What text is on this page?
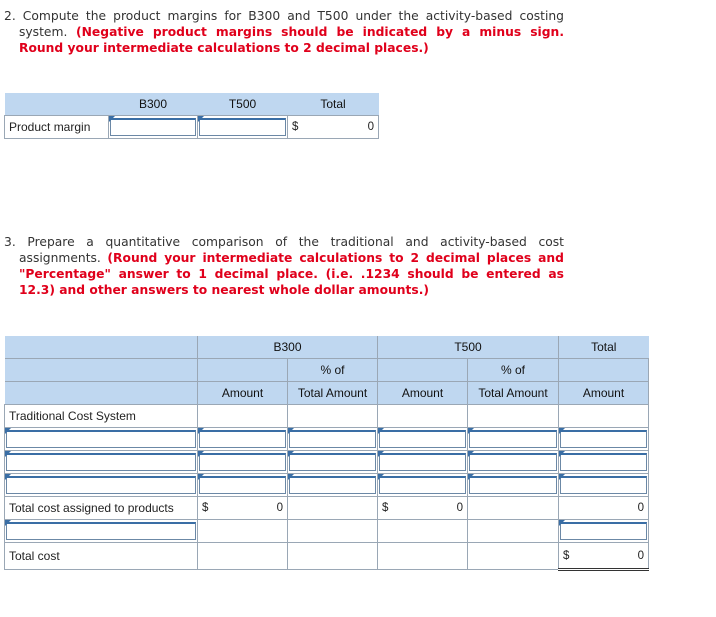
2. Compute the product margins for B300 and T500 under the activity-based costing system. (Negative product margins should be indicated by a minus sign. Round your intermediate calculations to 2 decimal places.)
	B300	T500	Total
Product margin			$ 0
3. Prepare a quantitative comparison of the traditional and activity-based cost assignments. (Round your intermediate calculations to 2 decimal places and "Percentage" answer to 1 decimal place. (i.e. .1234 should be entered as 12.3) and other answers to nearest whole dollar amounts.)
	B300		T500		Total
		% of		% of	
	Amount	Total Amount	Amount	Total Amount	Amount
Traditional Cost System					

Total cost assigned to products	$ 0		$ 0		0

Total cost					$ 0
